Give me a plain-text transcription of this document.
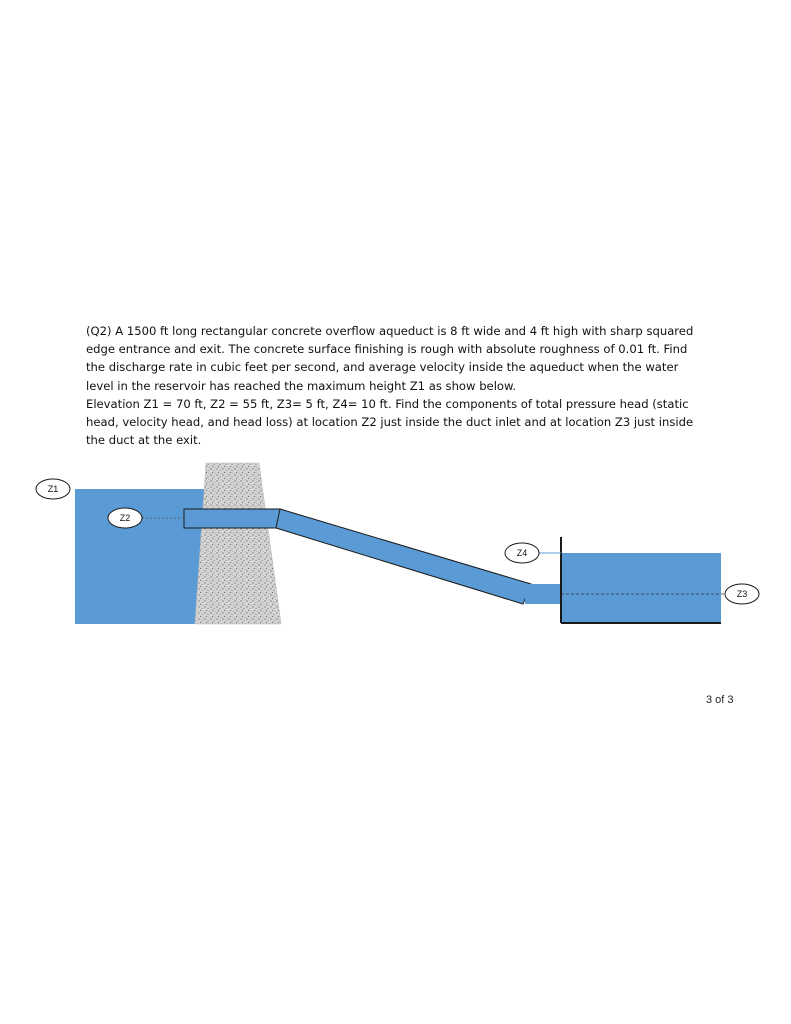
(Q2) A 1500 ft long rectangular concrete overflow aqueduct is 8 ft wide and 4 ft high with sharp squared
edge entrance and exit. The concrete surface finishing is rough with absolute roughness of 0.01 ft. Find
the discharge rate in cubic feet per second, and average velocity inside the aqueduct when the water
level in the reservoir has reached the maximum height Z1 as show below.
Elevation Z1 = 70 ft, Z2 = 55 ft, Z3= 5 ft, Z4= 10 ft. Find the components of total pressure head (static
head, velocity head, and head loss) at location Z2 just inside the duct inlet and at location Z3 just inside
the duct at the exit.
Z1
Z2
Z4
Z3
3 of 3
